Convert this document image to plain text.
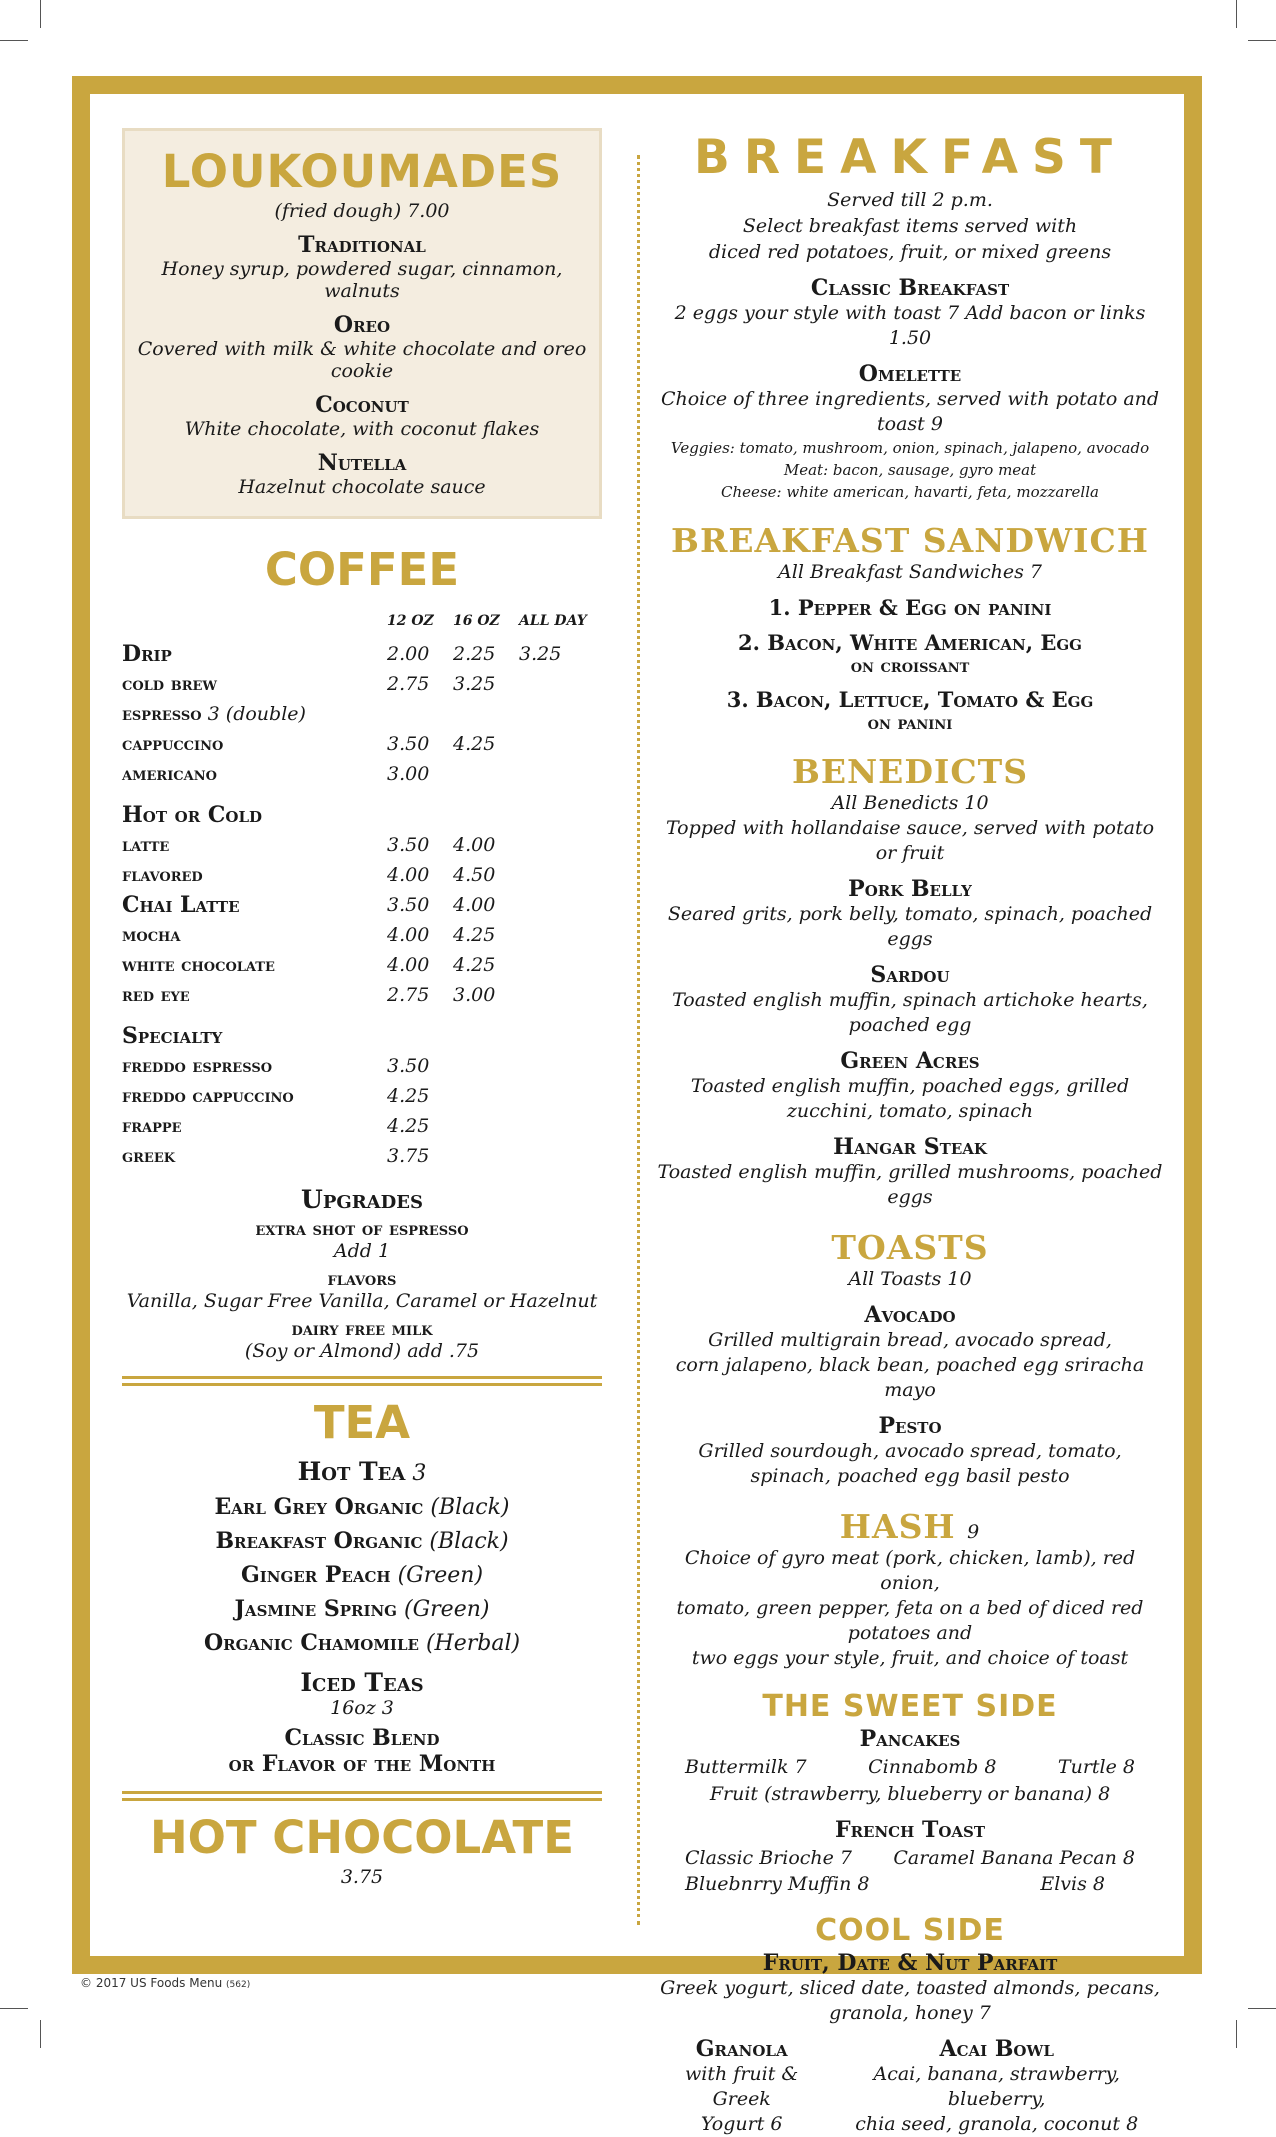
LOUKOUMADES
(fried dough) 7.00
Traditional
Honey syrup, powdered sugar, cinnamon, walnuts
Oreo
Covered with milk & white chocolate and oreo cookie
Coconut
White chocolate, with coconut flakes
Nutella
Hazelnut chocolate sauce
COFFEE
	12 OZ	16 OZ	ALL DAY
Drip	2.00	2.25	3.25
cold brew	2.75	3.25	
espresso 3 (double)			
cappuccino	3.50	4.25	
americano	3.00		
Hot or Cold			
latte	3.50	4.00	
flavored	4.00	4.50	
Chai Latte	3.50	4.00	
mocha	4.00	4.25	
white chocolate	4.00	4.25	
red eye	2.75	3.00	
Specialty			
freddo espresso	3.50		
freddo cappuccino	4.25		
frappe	4.25		
greek	3.75		
Upgrades
extra shot of espresso
Add 1
flavors
Vanilla, Sugar Free Vanilla, Caramel or Hazelnut
dairy free milk
(Soy or Almond) add .75
TEA
Hot Tea 3
Earl Grey Organic (Black)
Breakfast Organic (Black)
Ginger Peach (Green)
Jasmine Spring (Green)
Organic Chamomile (Herbal)
Iced Teas
16oz 3
Classic Blend
or Flavor of the Month
HOT CHOCOLATE
3.75
BREAKFAST
Served till 2 p.m.
Select breakfast items served with
diced red potatoes, fruit, or mixed greens
Classic Breakfast
2 eggs your style with toast 7 Add bacon or links 1.50
Omelette
Choice of three ingredients, served with potato and toast 9
Veggies: tomato, mushroom, onion, spinach, jalapeno, avocado
Meat: bacon, sausage, gyro meat
Cheese: white american, havarti, feta, mozzarella
BREAKFAST SANDWICH
All Breakfast Sandwiches 7
1. Pepper & Egg on panini
2. Bacon, White American, Egg
on croissant
3. Bacon, Lettuce, Tomato & Egg
on panini
BENEDICTS
All Benedicts 10
Topped with hollandaise sauce, served with potato or fruit
Pork Belly
Seared grits, pork belly, tomato, spinach, poached eggs
Sardou
Toasted english muffin, spinach artichoke hearts, poached egg
Green Acres
Toasted english muffin, poached eggs, grilled zucchini, tomato, spinach
Hangar Steak
Toasted english muffin, grilled mushrooms, poached eggs
TOASTS
All Toasts 10
Avocado
Grilled multigrain bread, avocado spread,
corn jalapeno, black bean, poached egg sriracha mayo
Pesto
Grilled sourdough, avocado spread, tomato,
spinach, poached egg basil pesto
HASH 9
Choice of gyro meat (pork, chicken, lamb), red onion,
tomato, green pepper, feta on a bed of diced red potatoes and
two eggs your style, fruit, and choice of toast
THE SWEET SIDE
Pancakes
Buttermilk 7	Cinnabomb 8	Turtle 8
Fruit (strawberry, blueberry or banana) 8
French Toast
Classic Brioche 7 Caramel Banana Pecan 8
Bluebnrry Muffin 8	Elvis 8
COOL SIDE
Fruit, Date & Nut Parfait
Greek yogurt, sliced date, toasted almonds, pecans,
granola, honey 7
Granola
with fruit & Greek
Yogurt 6
Acai Bowl
Acai, banana, strawberry, blueberry,
chia seed, granola, coconut 8
© 2017 US Foods Menu (562)
